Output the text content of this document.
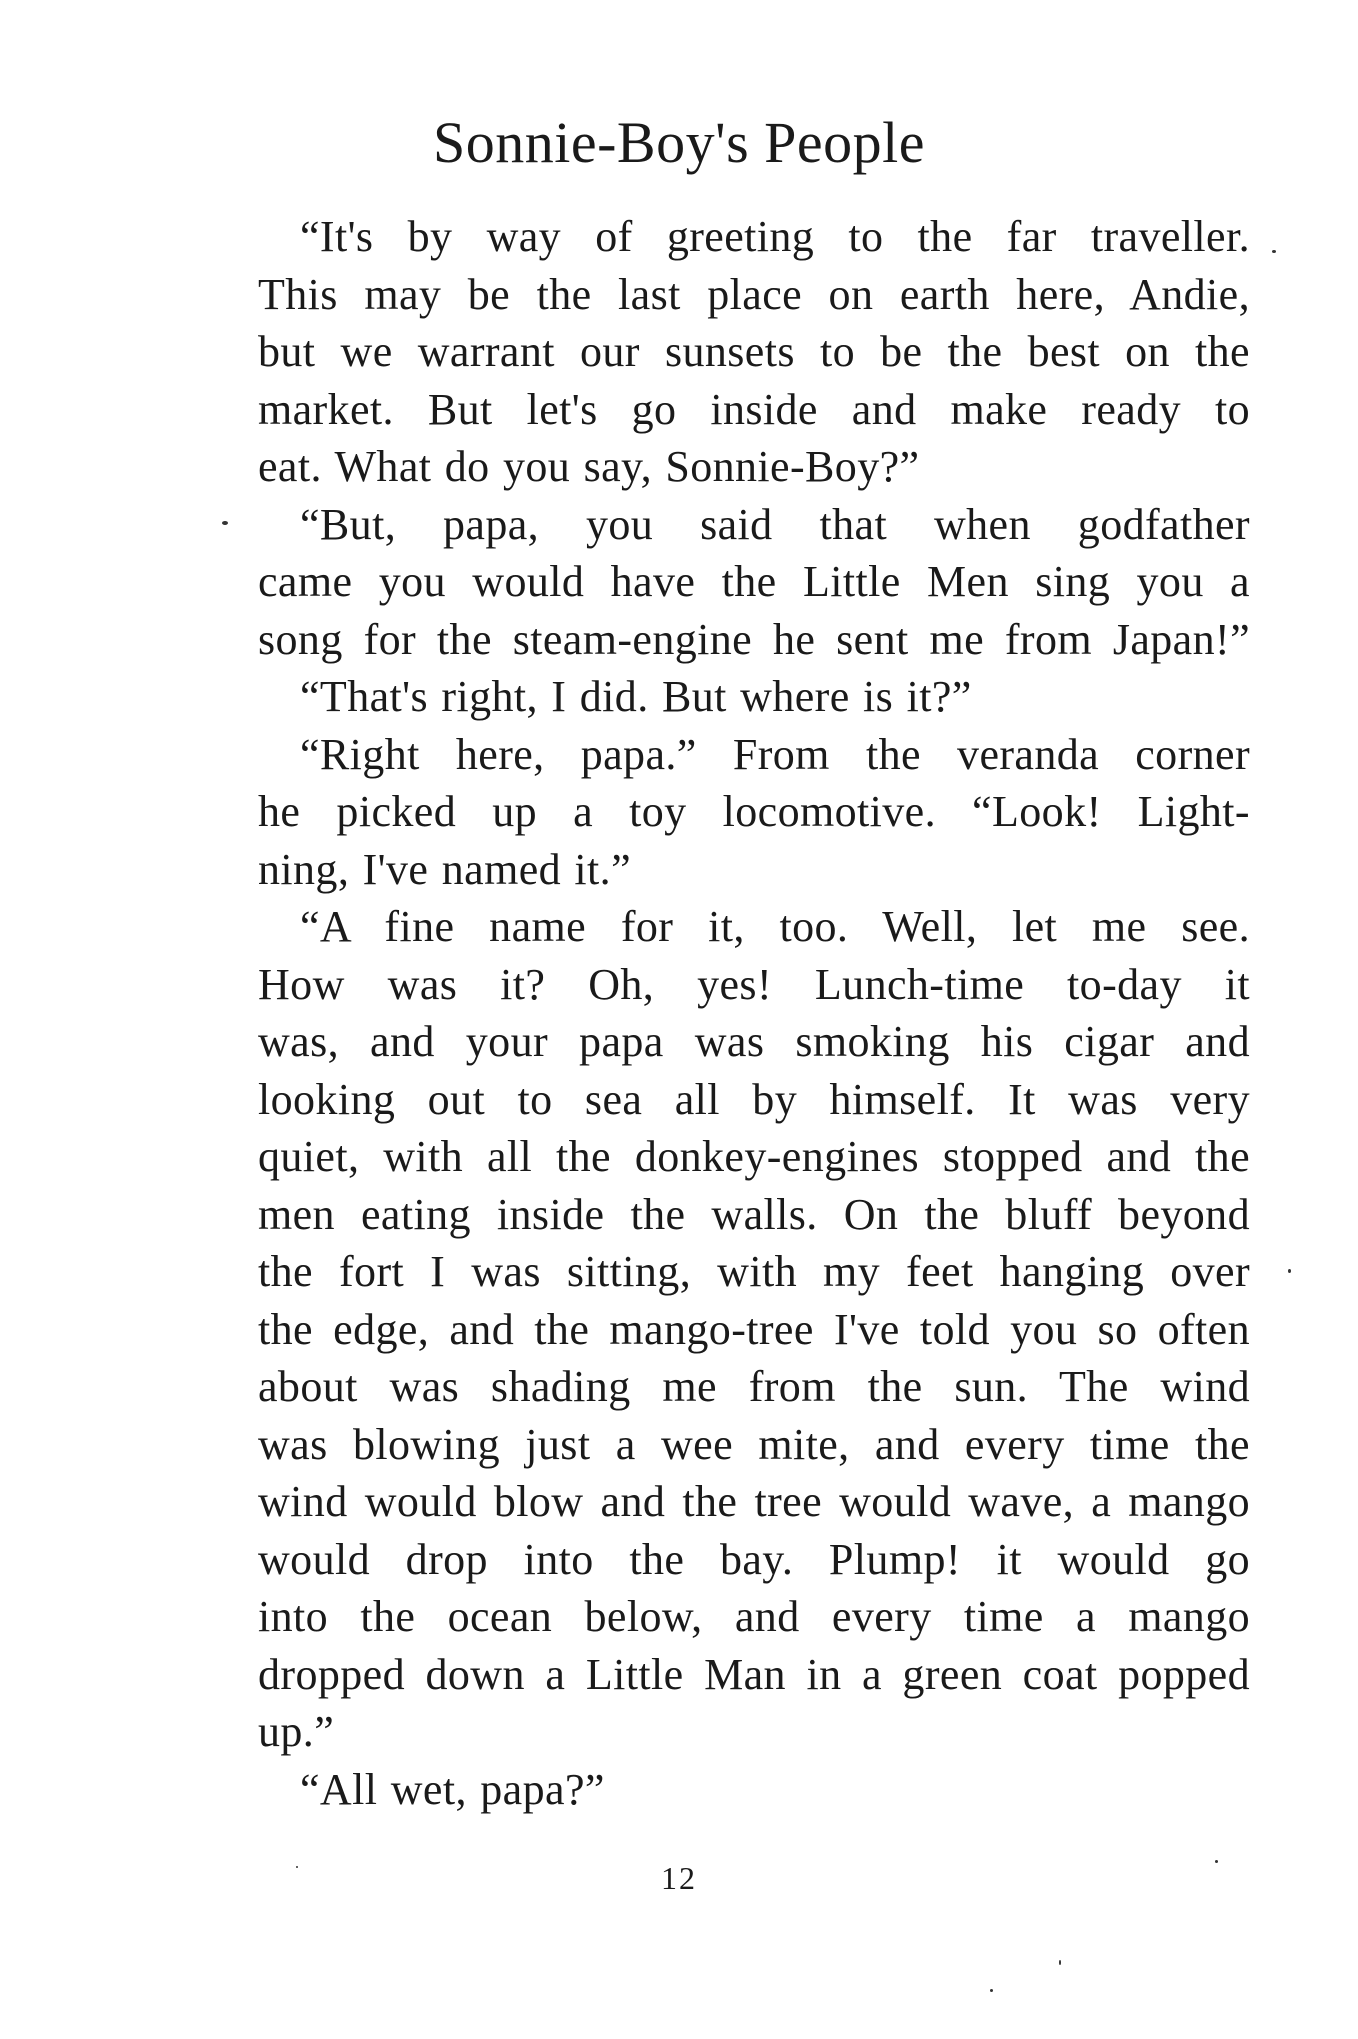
Sonnie-Boy's People
“It's by way of greeting to the far traveller.
This may be the last place on earth here, Andie,
but we warrant our sunsets to be the best on the
market. But let's go inside and make ready to
eat. What do you say, Sonnie-Boy?”
“But, papa, you said that when godfather
came you would have the Little Men sing you a
song for the steam-engine he sent me from Japan!”
“That's right, I did. But where is it?”
“Right here, papa.” From the veranda corner
he picked up a toy locomotive. “Look! Light-
ning, I've named it.”
“A fine name for it, too. Well, let me see.
How was it? Oh, yes! Lunch-time to-day it
was, and your papa was smoking his cigar and
looking out to sea all by himself. It was very
quiet, with all the donkey-engines stopped and the
men eating inside the walls. On the bluff beyond
the fort I was sitting, with my feet hanging over
the edge, and the mango-tree I've told you so often
about was shading me from the sun. The wind
was blowing just a wee mite, and every time the
wind would blow and the tree would wave, a mango
would drop into the bay. Plump! it would go
into the ocean below, and every time a mango
dropped down a Little Man in a green coat popped
up.”
“All wet, papa?”
12
